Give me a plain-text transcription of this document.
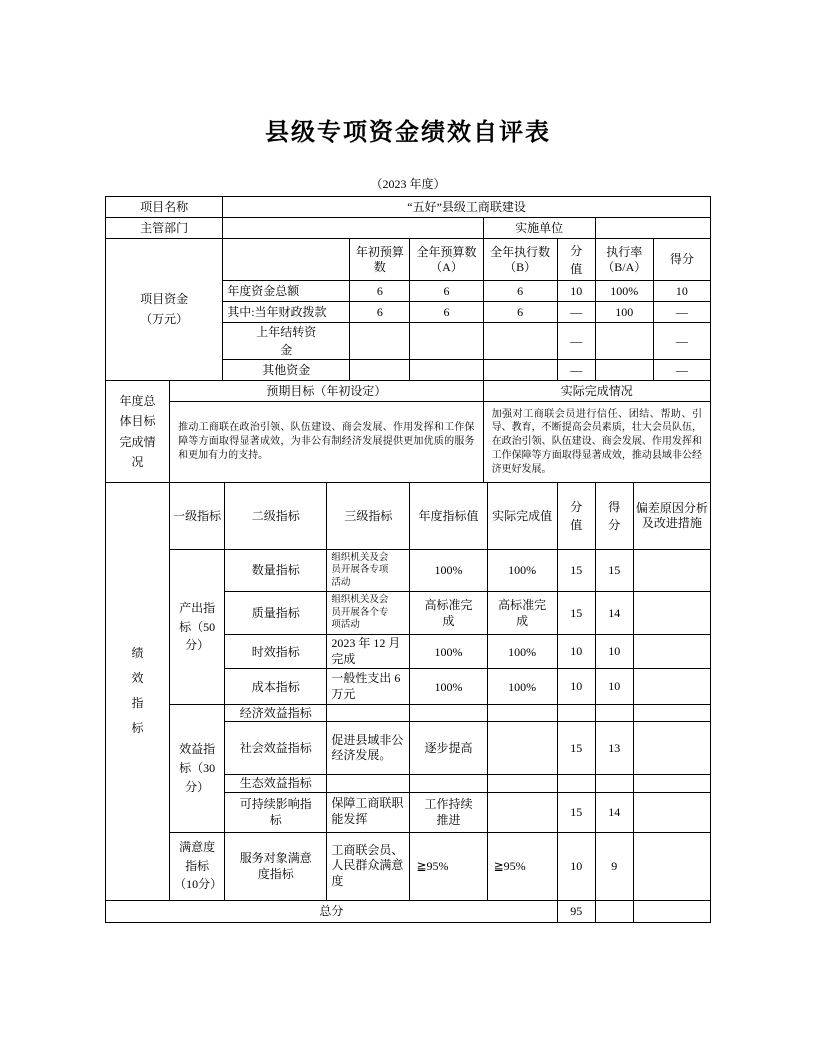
县级专项资金绩效自评表
（2023 年度）
项目名称		“五好”县级工商联建设						
主管部门					实施单位			
项目资金（万元）			年初预算数	全年预算数（A）	全年执行数（B）	分值	执行率（B/A）	得分
		年度资金总额	6	6	6	10	100%	10
		其中:当年财政拨款	6	6	6	—	100	—
		上年结转资金				—		—
		其他资金				—		—
年度总体目标完成情况	预期目标（年初设定）				实际完成情况			
	推动工商联在政治引领、队伍建设、商会发展、作用发挥和工作保障等方面取得显著成效，为非公有制经济发展提供更加优质的服务和更加有力的支持。				加强对工商联会员进行信任、团结、帮助、引导、教育，不断提高会员素质，壮大会员队伍，在政治引领、队伍建设、商会发展、作用发挥和工作保障等方面取得显著成效，推动县域非公经济更好发展。			
绩效指标	一级指标	二级指标	三级指标	年度指标值	实际完成值	分值	得分	偏差原因分析及改进措施
	产出指标（50分）	数量指标	组织机关及会员开展各专项活动	100%	100%	15	15	
		质量指标	组织机关及会员开展各个专项活动	高标准完成	高标准完成	15	14	
		时效指标	2023 年 12 月完成	100%	100%	10	10	
		成本指标	一般性支出 6 万元	100%	100%	10	10	
	效益指标（30分）	经济效益指标						
		社会效益指标	促进县域非公经济发展。	逐步提高		15	13	
		生态效益指标						
		可持续影响指标	保障工商联职能发挥	工作持续推进		15	14	
	满意度指标（10分）	服务对象满意度指标	工商联会员、人民群众满意度	≧95%	≧95%	10	9	
总分						95		
